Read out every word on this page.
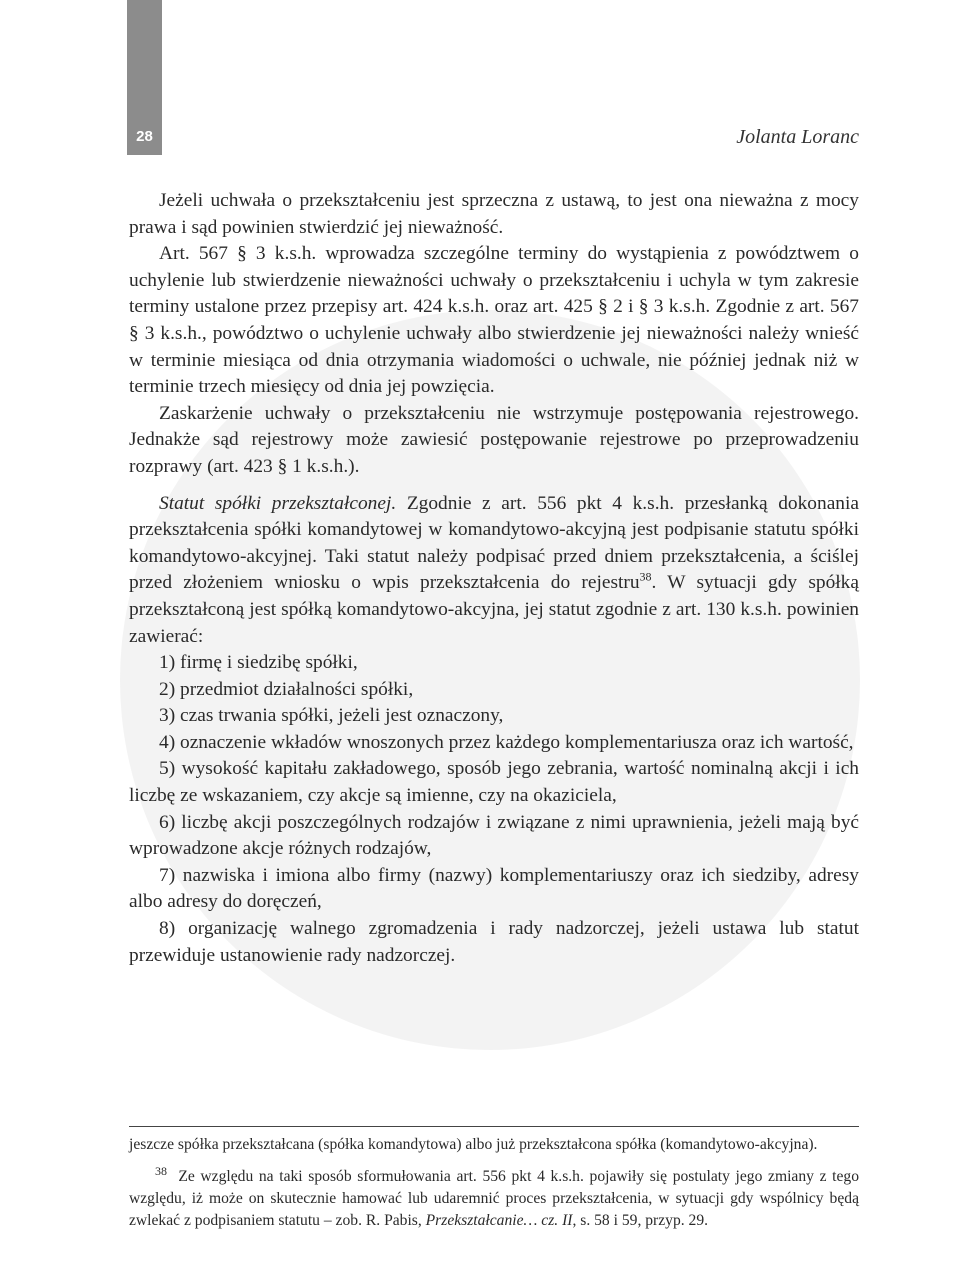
28	Jolanta Loranc

Jeżeli uchwała o przekształceniu jest sprzeczna z ustawą, to jest ona nieważna z mocy prawa i sąd powinien stwierdzić jej nieważność.

Art. 567 § 3 k.s.h. wprowadza szczególne terminy do wystąpienia z powództwem o uchylenie lub stwierdzenie nieważności uchwały o przekształceniu i uchyla w tym zakresie terminy ustalone przez przepisy art. 424 k.s.h. oraz art. 425 § 2 i § 3 k.s.h. Zgodnie z art. 567 § 3 k.s.h., powództwo o uchylenie uchwały albo stwierdzenie jej nieważności należy wnieść w terminie miesiąca od dnia otrzymania wiadomości o uchwale, nie później jednak niż w terminie trzech miesięcy od dnia jej powzięcia.

Zaskarżenie uchwały o przekształceniu nie wstrzymuje postępowania rejestrowego. Jednakże sąd rejestrowy może zawiesić postępowanie rejestrowe po przeprowadzeniu rozprawy (art. 423 § 1 k.s.h.).

Statut spółki przekształconej. Zgodnie z art. 556 pkt 4 k.s.h. przesłanką dokonania przekształcenia spółki komandytowej w komandytowo-akcyjną jest podpisanie statutu spółki komandytowo-akcyjnej. Taki statut należy podpisać przed dniem przekształcenia, a ściślej przed złożeniem wniosku o wpis przekształcenia do rejestru$^{38}$. W sytuacji gdy spółką przekształconą jest spółką komandytowo-akcyjna, jej statut zgodnie z art. 130 k.s.h. powinien zawierać:

1) firmę i siedzibę spółki,

2) przedmiot działalności spółki,

3) czas trwania spółki, jeżeli jest oznaczony,

4) oznaczenie wkładów wnoszonych przez każdego komplementariusza oraz ich wartość,

5) wysokość kapitału zakładowego, sposób jego zebrania, wartość nominalną akcji i ich liczbę ze wskazaniem, czy akcje są imienne, czy na okaziciela,

6) liczbę akcji poszczególnych rodzajów i związane z nimi uprawnienia, jeżeli mają być wprowadzone akcje różnych rodzajów,

7) nazwiska i imiona albo firmy (nazwy) komplementariuszy oraz ich siedziby, adresy albo adresy do doręczeń,

8) organizację walnego zgromadzenia i rady nadzorczej, jeżeli ustawa lub statut przewiduje ustanowienie rady nadzorczej.

jeszcze spółka przekształcana (spółka komandytowa) albo już przekształcona spółka (komandytowo-akcyjna).

$^{38}$ Ze względu na taki sposób sformułowania art. 556 pkt 4 k.s.h. pojawiły się postulaty jego zmiany z tego względu, iż może on skutecznie hamować lub udaremnić proces przekształcenia, w sytuacji gdy wspólnicy będą zwlekać z podpisaniem statutu – zob. R. Pabis, Przekształcanie… cz. II, s. 58 i 59, przyp. 29.
